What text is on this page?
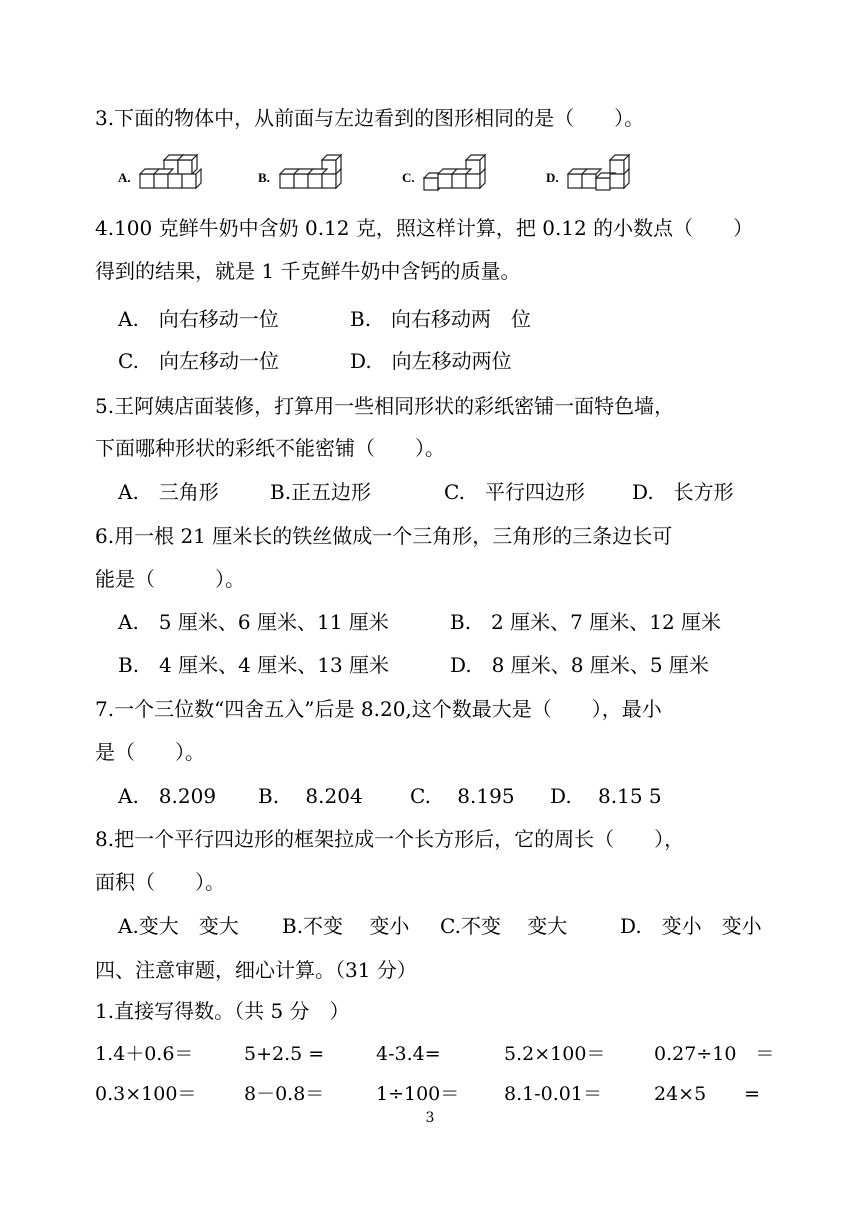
3.下面的物体中，从前面与左边看到的图形相同的是（　　）。
A.	B.	C.	D.
4.100 克鲜牛奶中含奶 0.12 克，照这样计算，把 0.12 的小数点（　　）
得到的结果，就是 1 千克鲜牛奶中含钙的质量。
A.　向右移动一位	B.　向右移动两　位
C.　向左移动一位	D.　向左移动两位
5.王阿姨店面装修，打算用一些相同形状的彩纸密铺一面特色墙，
下面哪种形状的彩纸不能密铺（　　）。
A.　三角形	B.正五边形	C.　平行四边形 D.　长方形
6.用一根 21 厘米长的铁丝做成一个三角形，三角形的三条边长可
能是（　　　）。
A.　5 厘米、6 厘米、11 厘米	B.　2 厘米、7 厘米、12 厘米
B.　4 厘米、4 厘米、13 厘米	D.　8 厘米、8 厘米、5 厘米
7.一个三位数“四舍五入”后是 8.20,这个数最大是（　　），最小
是（　　）。
A.　8.209 B.　 8.204 C.　 8.195 D.　 8.15 5
8.把一个平行四边形的框架拉成一个长方形后，它的周长（　　），
面积（　　）。
A.变大　变大 B.不变　 变小 C.不变　 变大	D.　变小　变小
四、注意审题，细心计算。（31 分）
1.直接写得数。（共 5 分　）
1.4＋0.6＝	5+2.5 =	4-3.4=	5.2×100＝	0.27÷10　＝
0.3×100＝	8－0.8＝	1÷100＝ 8.1-0.01＝	24×5　　=
3
